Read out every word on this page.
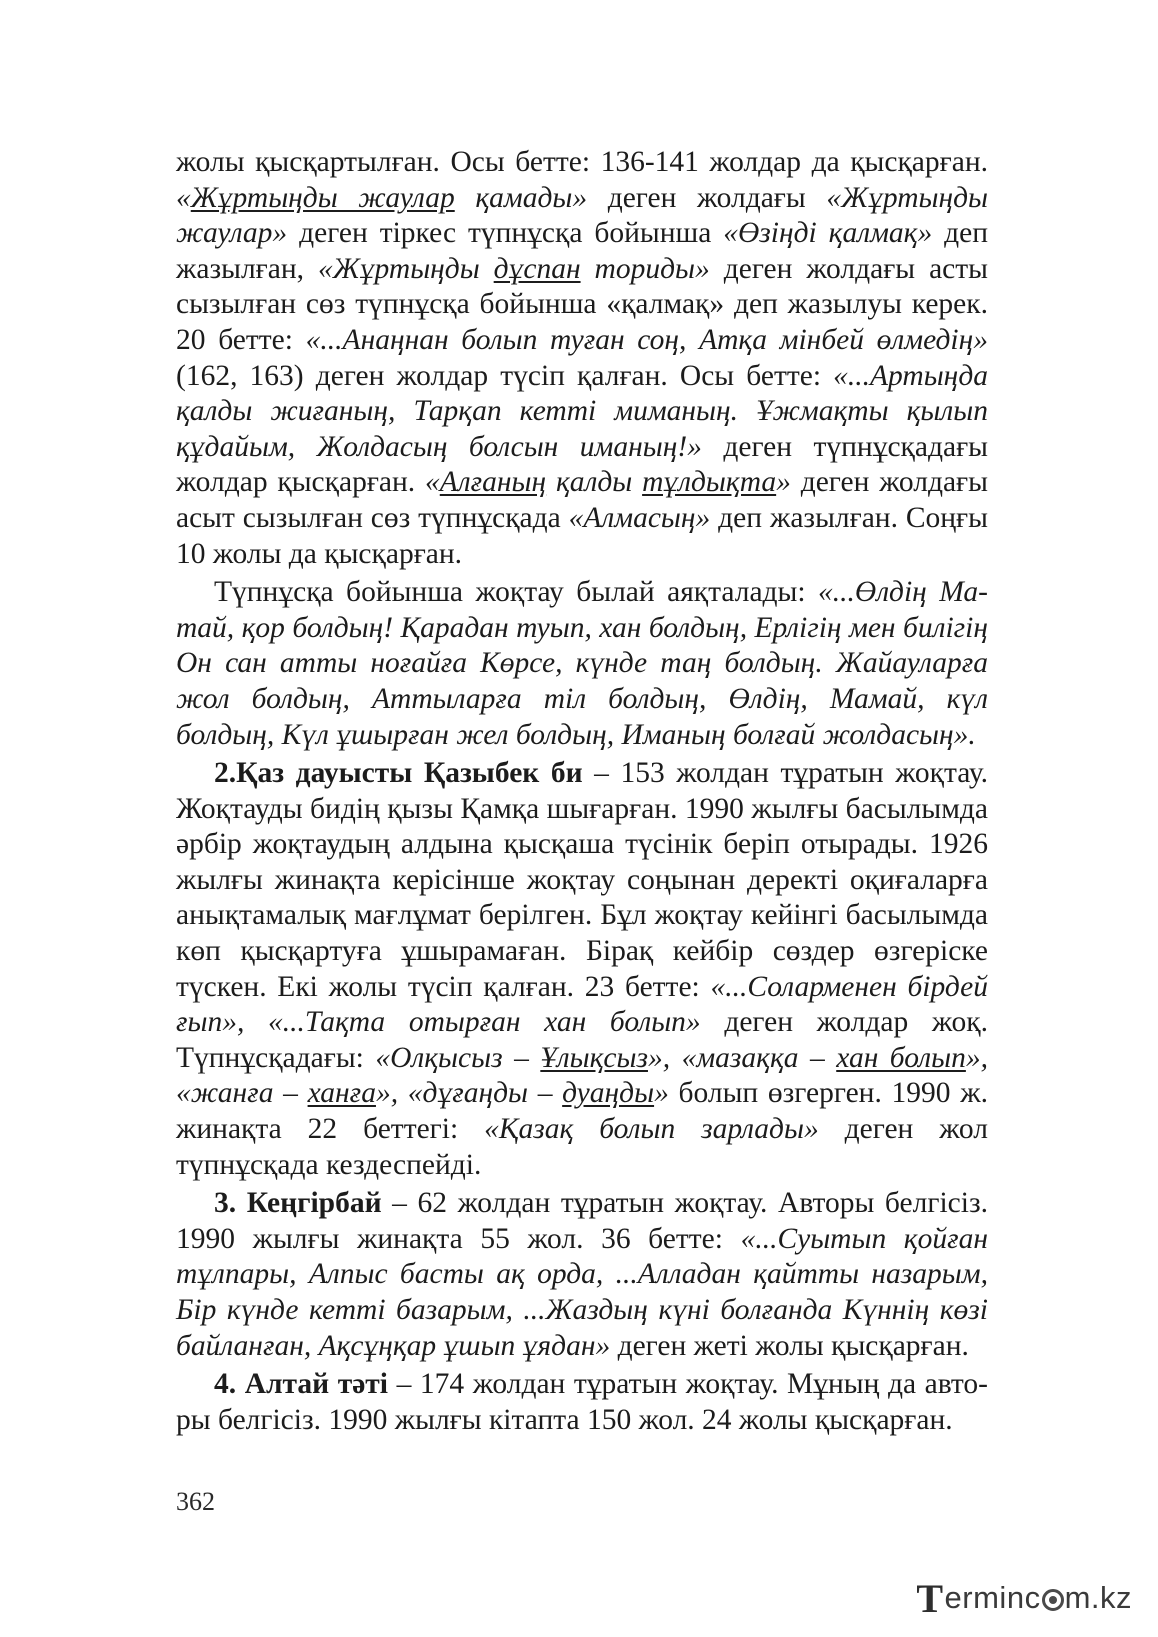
жолы қысқартылған. Осы бетте: 136-141 жолдар да қысқарған. «Жұртыңды жаулар қамады» деген жолдағы «Жұртыңды жаулар» деген тіркес түпнұсқа бойынша «Өзіңді қалмақ» деп жазылған, «Жұртыңды дұспан ториды» деген жолдағы асты сызылған сөз түпнұсқа бойынша «қалмақ» деп жазылуы керек. 20 бетте: «...Анаңнан болып туған соң, Атқа мінбей өлмедің» (162, 163) деген жолдар түсіп қалған. Осы бетте: «...Артыңда қалды жиғаның, Тарқап кетті миманың. Ұжмақты қылып құдайым, Жолдасың болсын иманың!» деген түпнұсқадағы жолдар қысқарған. «Алғаның қалды тұлдықта» деген жолдағы асыт сызылған сөз түпнұсқада «Алмасың» деп жазылған. Соңғы 10 жолы да қысқарған.

Түпнұсқа бойынша жоқтау былай аяқталады: «...Өлдің Маmай, қор болдың! Қарадан туып, хан болдың, Ерлігің мен билігің Он сан атты ноғайға Көрсе, күнде таң болдың. Жайауларға жол болдың, Аттыларға тіл болдың, Өлдің, Мамай, күл болдың, Күл ұшырған жел болдың, Иманың болғай жолдасың».

2.Қаз дауысты Қазыбек би – 153 жолдан тұратын жоқтау. Жоқтауды бидің қызы Қамқа шығарған. 1990 жылғы басылымда әрбір жоқтаудың алдына қысқаша түсінік беріп отырады. 1926 жылғы жинақта керісінше жоқтау соңынан деректі оқиғаларға анықтамалық мағлұмат берілген. Бұл жоқтау кейінгі басылымда көп қысқартуға ұшырамаған. Бірақ кейбір сөздер өзгеріске түскен. Екі жолы түсіп қалған. 23 бетте: «...Соларменен бірдей ғып», «...Тақта отырған хан болып» деген жолдар жоқ. Түпнұсқадағы: «Олқысыз – Ұлықсыз», «мазаққа – хан болып», «жанға – ханға», «дұғаңды – дуаңды» болып өзгерген. 1990 ж. жинақта 22 беттегі: «Қазақ болып зарлады» деген жол түпнұсқада кездеспейді.

3. Кеңгірбай – 62 жолдан тұратын жоқтау. Авторы белгісіз. 1990 жылғы жинақта 55 жол. 36 бетте: «...Суытып қойған тұлпары, Алпыс басты ақ орда, ...Алладан қайтты назарым, Бір күнде кетті базарым, ...Жаздың күні болғанда Күннің көзі байланған, Ақсұңқар ұшып ұядан» деген жеті жолы қысқарған.

4. Алтай тәті – 174 жолдан тұратын жоқтау. Мұның да авторы белгісіз. 1990 жылғы кітапта 150 жол. 24 жолы қысқарған.

362
T ermin c m.kz
